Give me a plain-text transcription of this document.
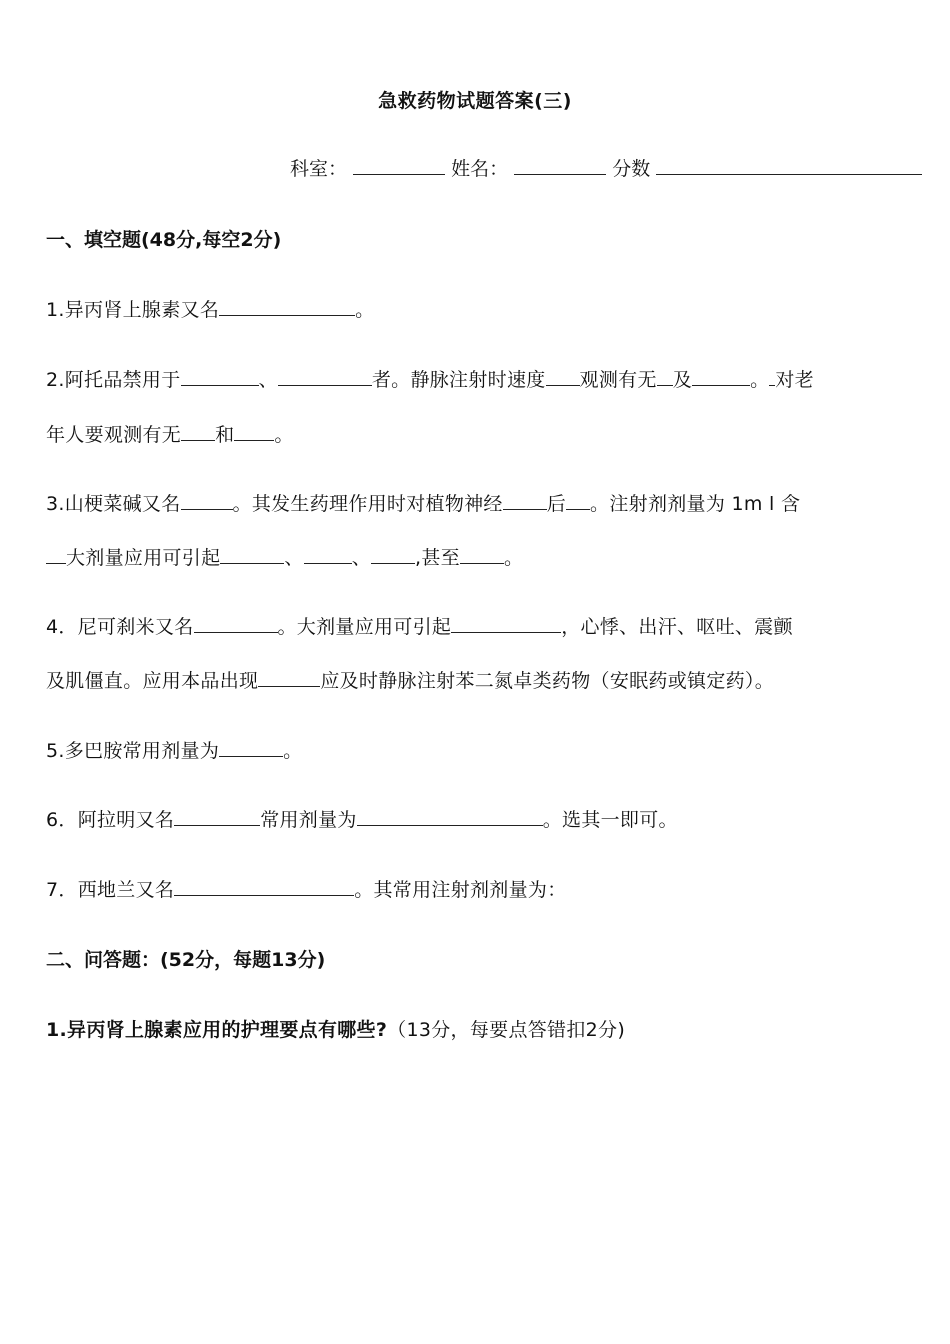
急救药物试题答案(三)
科室：	姓名：	分数
一、填空题(48分,每空2分)
1.异丙肾上腺素又名	。
2.阿托品禁用于	、	者。静脉注射时速度 观测有无 及	。 对老
年人要观测有无 和 。
3.山梗菜碱又名	。其发生药理作用时对植物神经 后 。注射剂剂量为 1m l 含
大剂量应用可引起	、	、 ,甚至 。
4．尼可刹米又名	。大剂量应用可引起	，心悸、出汗、呕吐、震颤
及肌僵直。应用本品出现	应及时静脉注射苯二氮卓类药物（安眠药或镇定药）。
5.多巴胺常用剂量为	。
6．阿拉明又名	常用剂量为	。选其一即可。
7．西地兰又名	。其常用注射剂剂量为：
二、问答题：(52分，每题13分)
1.异丙肾上腺素应用的护理要点有哪些?（13分，每要点答错扣2分)
